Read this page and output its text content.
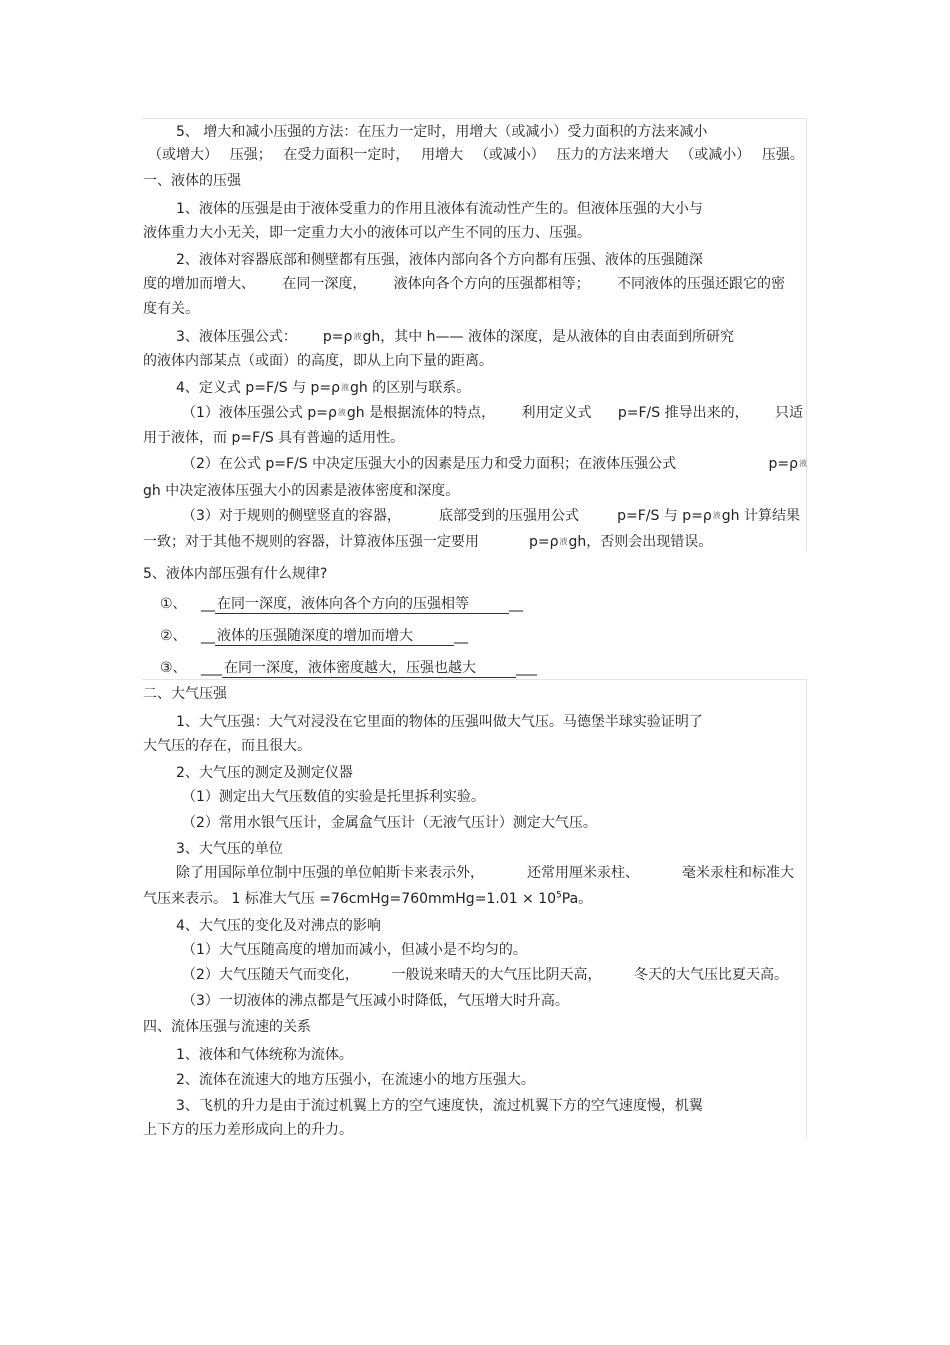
5、 增大和减小压强的方法：在压力一定时，用增大（或减小）受力面积的方法来减小
（或增大） 压强； 在受力面积一定时， 用增大 （或减小） 压力的方法来增大 （或减小） 压强。
一、液体的压强
1、液体的压强是由于液体受重力的作用且液体有流动性产生的。但液体压强的大小与
液体重力大小无关，即一定重力大小的液体可以产生不同的压力、压强。
2、液体对容器底部和侧壁都有压强，液体内部向各个方向都有压强、液体的压强随深
度的增加而增大、 在同一深度， 液体向各个方向的压强都相等； 不同液体的压强还跟它的密
度有关。
3、液体压强公式： p=ρ液gh，其中 h—— 液体的深度，是从液体的自由表面到所研究
的液体内部某点（或面）的高度，即从上向下量的距离。
4、定义式 p=F/S 与 p=ρ液gh 的区别与联系。
（1）液体压强公式 p=ρ液gh 是根据流体的特点， 利用定义式 p=F/S 推导出来的， 只适
用于液体，而 p=F/S 具有普遍的适用性。
（2）在公式 p=F/S 中决定压强大小的因素是压力和受力面积；在液体压强公式	p=ρ液
gh 中决定液体压强大小的因素是液体密度和深度。
（3）对于规则的侧壁竖直的容器，	底部受到的压强用公式	p=F/S 与 p=ρ液gh 计算结果
一致；对于其他不规则的容器，计算液体压强一定要用	p=ρ液gh，否则会出现错误。
5、液体内部压强有什么规律?
①、 __ 在同一深度，液体向各个方向的压强相等	__
②、 __ 液体的压强随深度的增加而增大	__
③、 ___ 在同一深度，液体密度越大，压强也越大	___
二、大气压强
1、大气压强：大气对浸没在它里面的物体的压强叫做大气压。马德堡半球实验证明了
大气压的存在，而且很大。
2、大气压的测定及测定仪器
（1）测定出大气压数值的实验是托里拆利实验。
（2）常用水银气压计，金属盒气压计（无液气压计）测定大气压。
3、大气压的单位
除了用国际单位制中压强的单位帕斯卡来表示外，	还常用厘米汞柱、	毫米汞柱和标准大
气压来表示。 1 标准大气压 =76cmHg=760mmHg=1.01 × $10^5Pa$。
4、大气压的变化及对沸点的影响
（1）大气压随高度的增加而减小，但减小是不均匀的。
（2）大气压随天气而变化， 一般说来晴天的大气压比阴天高， 冬天的大气压比夏天高。
（3）一切液体的沸点都是气压减小时降低，气压增大时升高。
四、流体压强与流速的关系
1、液体和气体统称为流体。
2、流体在流速大的地方压强小，在流速小的地方压强大。
3、飞机的升力是由于流过机翼上方的空气速度快，流过机翼下方的空气速度慢，机翼
上下方的压力差形成向上的升力。
